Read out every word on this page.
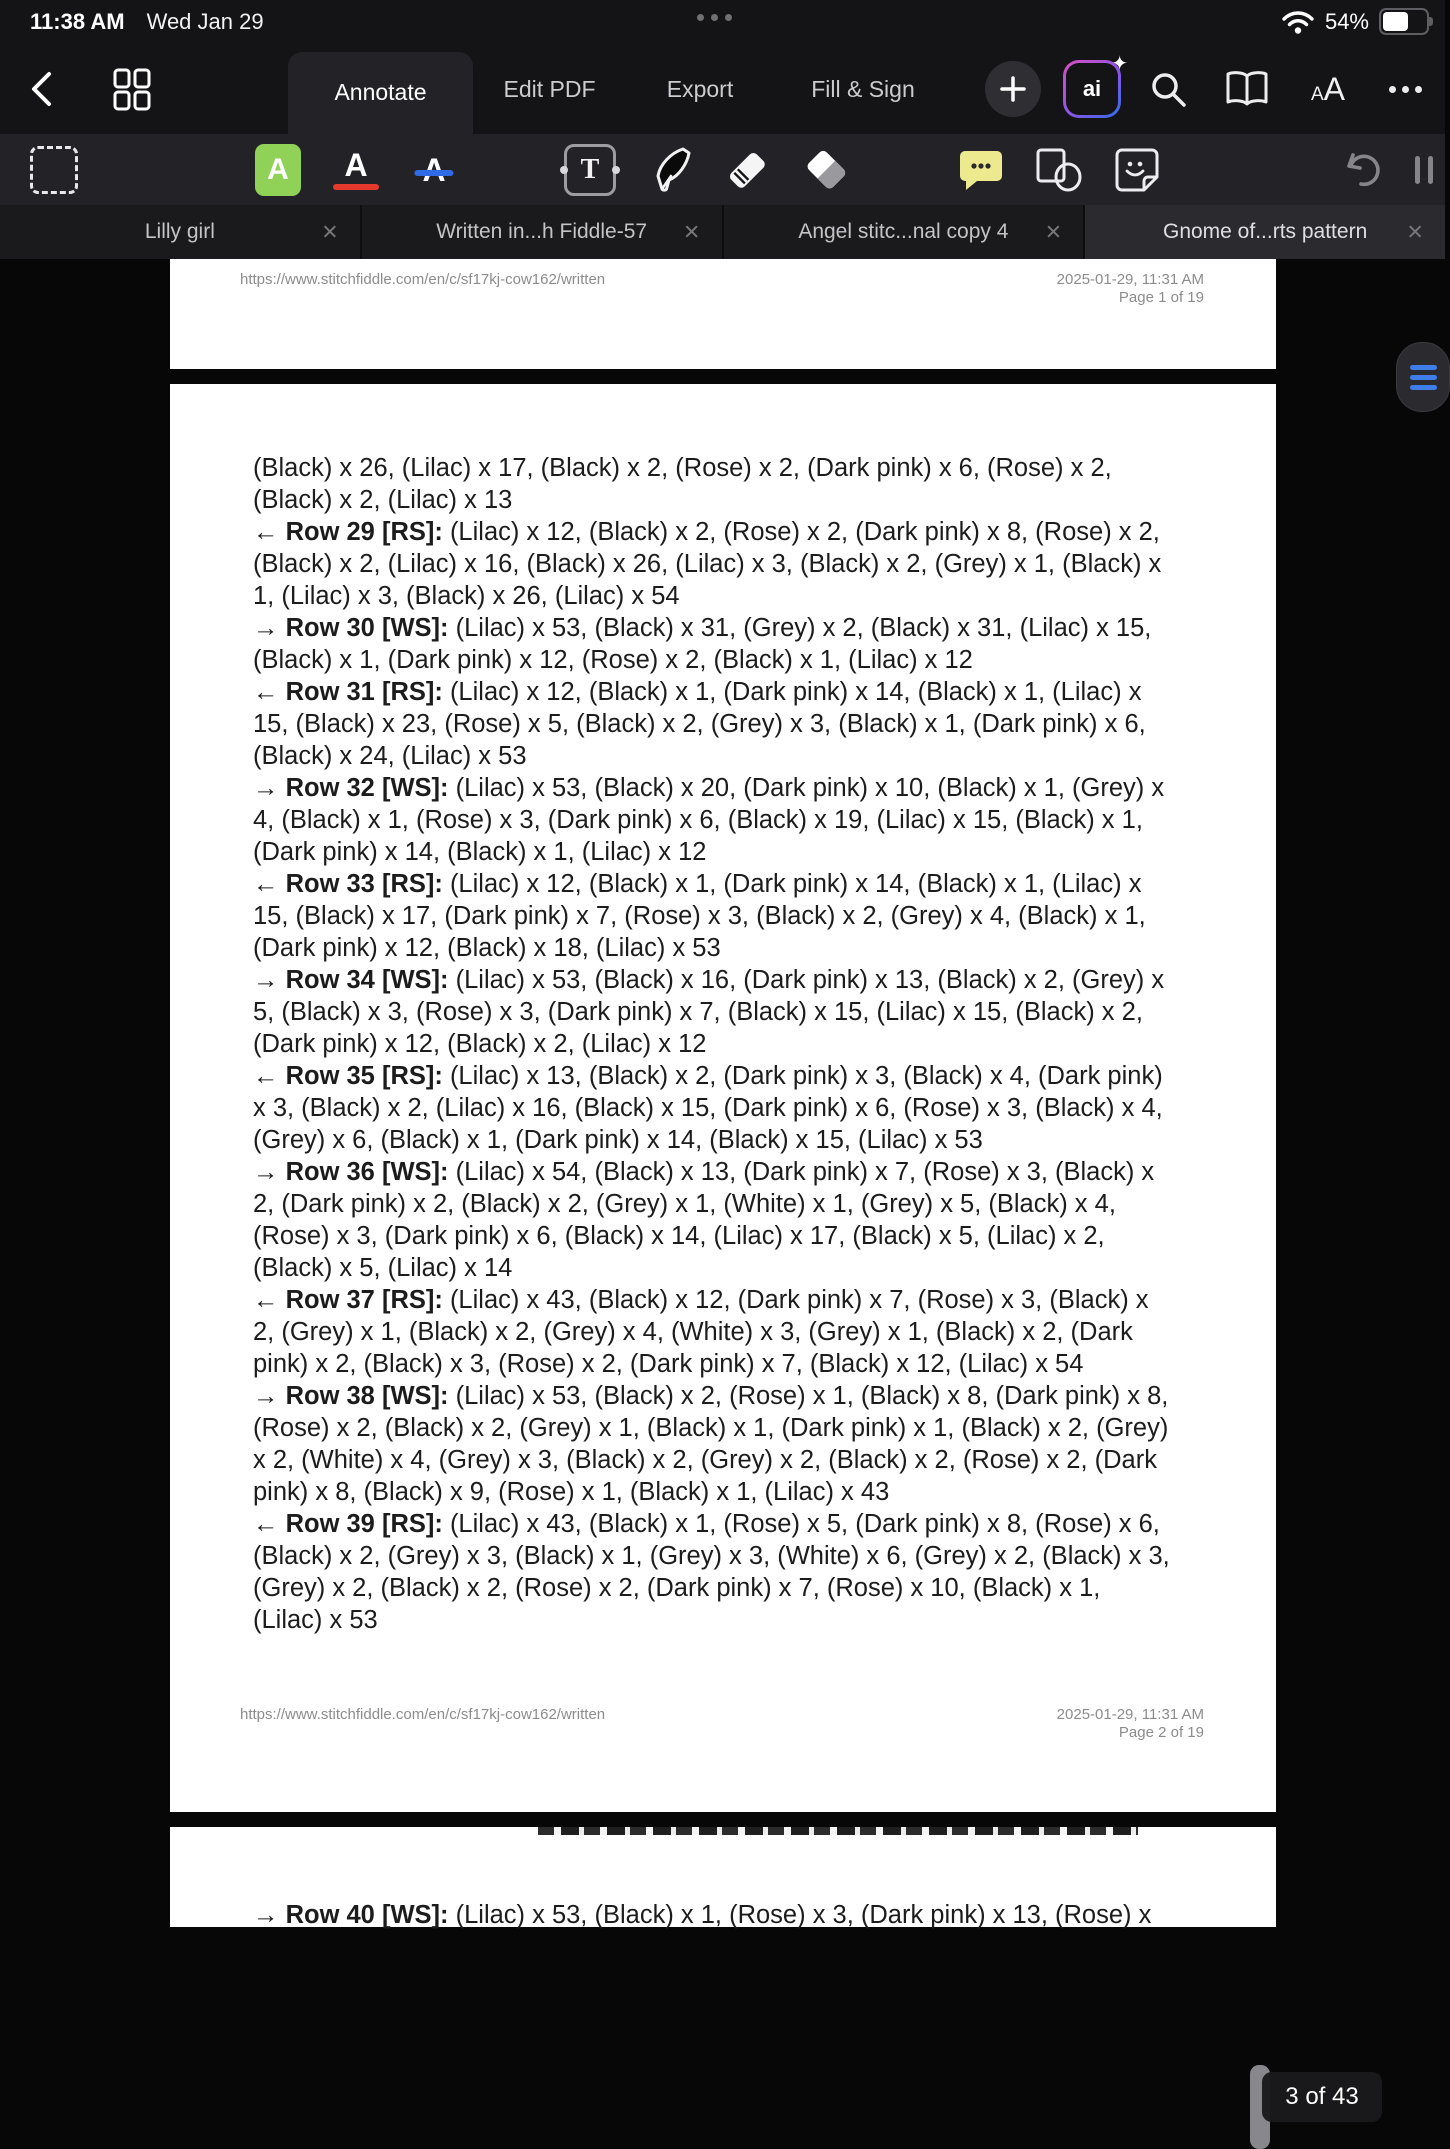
11:38 AM Wed Jan 29	54%
Annotate	Edit PDF	Export	Fill & Sign	ai
✦
A A
A A	T
Lilly girl	×	Written in...h Fiddle-57 ×	Angel stitc...nal copy 4 ×	Gnome of...rts pattern ×
https://www.stitchfiddle.com/en/c/sf17kj-cow162/written	2025-01-29, 11:31 AM
Page 1 of 19
(Black) x 26, (Lilac) x 17, (Black) x 2, (Rose) x 2, (Dark pink) x 6, (Rose) x 2,
(Black) x 2, (Lilac) x 13
← Row 29 [RS]: (Lilac) x 12, (Black) x 2, (Rose) x 2, (Dark pink) x 8, (Rose) x 2,
(Black) x 2, (Lilac) x 16, (Black) x 26, (Lilac) x 3, (Black) x 2, (Grey) x 1, (Black) x
1, (Lilac) x 3, (Black) x 26, (Lilac) x 54
→ Row 30 [WS]: (Lilac) x 53, (Black) x 31, (Grey) x 2, (Black) x 31, (Lilac) x 15,
(Black) x 1, (Dark pink) x 12, (Rose) x 2, (Black) x 1, (Lilac) x 12
← Row 31 [RS]: (Lilac) x 12, (Black) x 1, (Dark pink) x 14, (Black) x 1, (Lilac) x
15, (Black) x 23, (Rose) x 5, (Black) x 2, (Grey) x 3, (Black) x 1, (Dark pink) x 6,
(Black) x 24, (Lilac) x 53
→ Row 32 [WS]: (Lilac) x 53, (Black) x 20, (Dark pink) x 10, (Black) x 1, (Grey) x
4, (Black) x 1, (Rose) x 3, (Dark pink) x 6, (Black) x 19, (Lilac) x 15, (Black) x 1,
(Dark pink) x 14, (Black) x 1, (Lilac) x 12
← Row 33 [RS]: (Lilac) x 12, (Black) x 1, (Dark pink) x 14, (Black) x 1, (Lilac) x
15, (Black) x 17, (Dark pink) x 7, (Rose) x 3, (Black) x 2, (Grey) x 4, (Black) x 1,
(Dark pink) x 12, (Black) x 18, (Lilac) x 53
→ Row 34 [WS]: (Lilac) x 53, (Black) x 16, (Dark pink) x 13, (Black) x 2, (Grey) x
5, (Black) x 3, (Rose) x 3, (Dark pink) x 7, (Black) x 15, (Lilac) x 15, (Black) x 2,
(Dark pink) x 12, (Black) x 2, (Lilac) x 12
← Row 35 [RS]: (Lilac) x 13, (Black) x 2, (Dark pink) x 3, (Black) x 4, (Dark pink)
x 3, (Black) x 2, (Lilac) x 16, (Black) x 15, (Dark pink) x 6, (Rose) x 3, (Black) x 4,
(Grey) x 6, (Black) x 1, (Dark pink) x 14, (Black) x 15, (Lilac) x 53
→ Row 36 [WS]: (Lilac) x 54, (Black) x 13, (Dark pink) x 7, (Rose) x 3, (Black) x
2, (Dark pink) x 2, (Black) x 2, (Grey) x 1, (White) x 1, (Grey) x 5, (Black) x 4,
(Rose) x 3, (Dark pink) x 6, (Black) x 14, (Lilac) x 17, (Black) x 5, (Lilac) x 2,
(Black) x 5, (Lilac) x 14
← Row 37 [RS]: (Lilac) x 43, (Black) x 12, (Dark pink) x 7, (Rose) x 3, (Black) x
2, (Grey) x 1, (Black) x 2, (Grey) x 4, (White) x 3, (Grey) x 1, (Black) x 2, (Dark
pink) x 2, (Black) x 3, (Rose) x 2, (Dark pink) x 7, (Black) x 12, (Lilac) x 54
→ Row 38 [WS]: (Lilac) x 53, (Black) x 2, (Rose) x 1, (Black) x 8, (Dark pink) x 8,
(Rose) x 2, (Black) x 2, (Grey) x 1, (Black) x 1, (Dark pink) x 1, (Black) x 2, (Grey)
x 2, (White) x 4, (Grey) x 3, (Black) x 2, (Grey) x 2, (Black) x 2, (Rose) x 2, (Dark
pink) x 8, (Black) x 9, (Rose) x 1, (Black) x 1, (Lilac) x 43
← Row 39 [RS]: (Lilac) x 43, (Black) x 1, (Rose) x 5, (Dark pink) x 8, (Rose) x 6,
(Black) x 2, (Grey) x 3, (Black) x 1, (Grey) x 3, (White) x 6, (Grey) x 2, (Black) x 3,
(Grey) x 2, (Black) x 2, (Rose) x 2, (Dark pink) x 7, (Rose) x 10, (Black) x 1,
(Lilac) x 53
https://www.stitchfiddle.com/en/c/sf17kj-cow162/written	2025-01-29, 11:31 AM
Page 2 of 19
→ Row 40 [WS]: (Lilac) x 53, (Black) x 1, (Rose) x 3, (Dark pink) x 13, (Rose) x
3 of 43
